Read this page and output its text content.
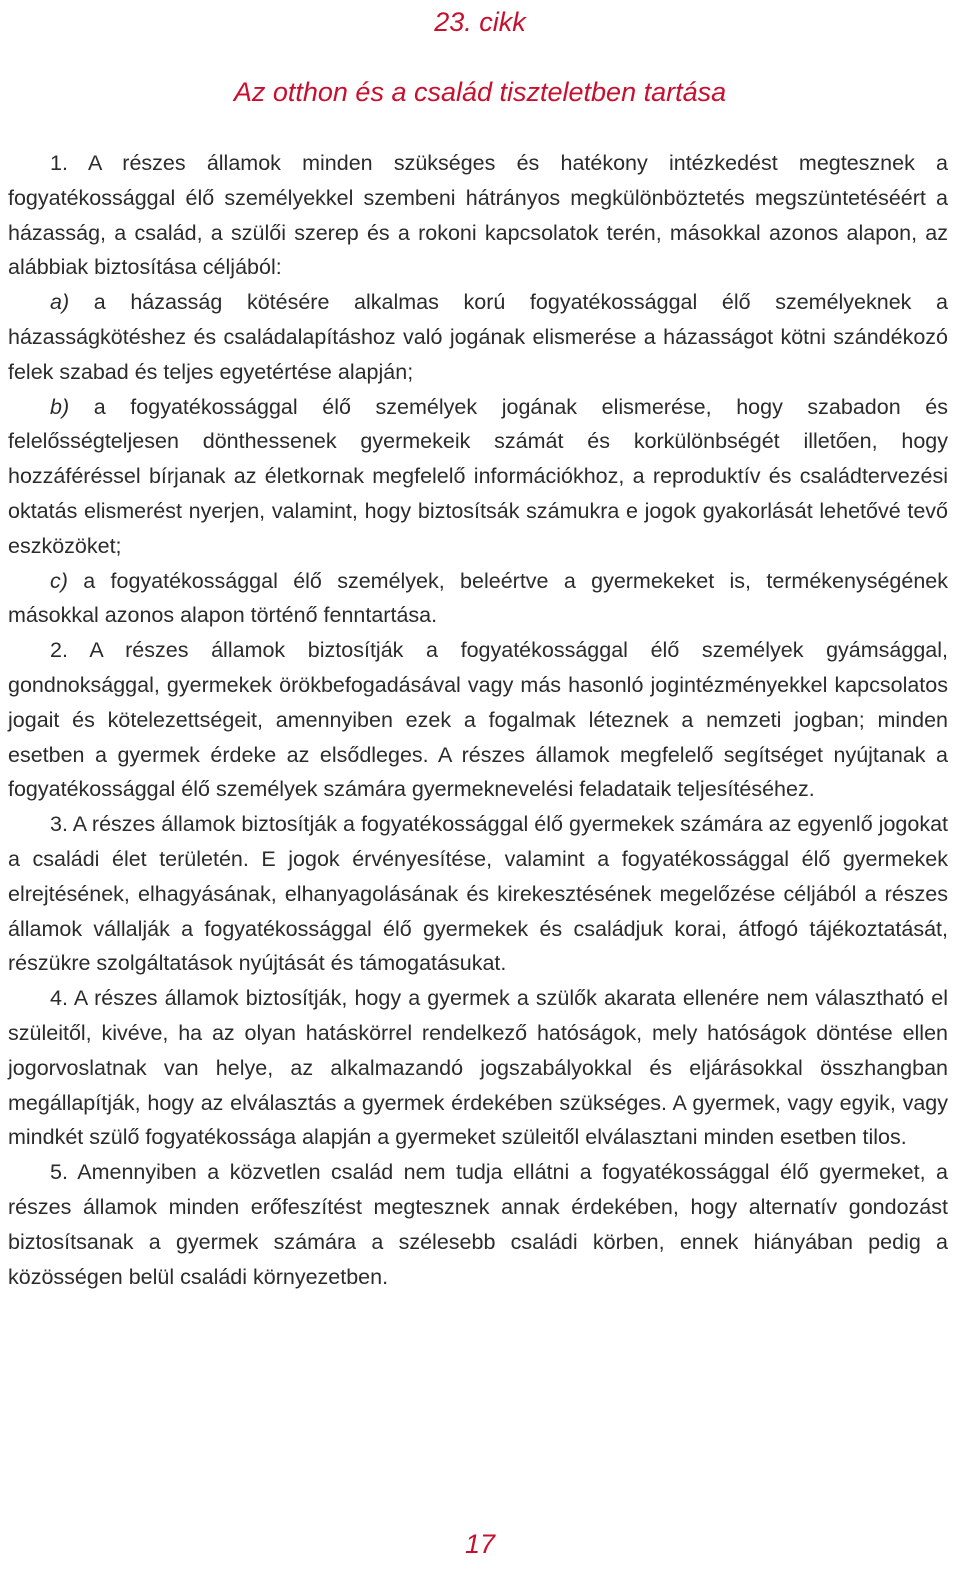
23. cikk
Az otthon és a család tiszteletben tartása

1. A részes államok minden szükséges és hatékony intézkedést megtesznek a fogyatékossággal élő személyekkel szembeni hátrányos megkülönböztetés megszüntetéséért a házasság, a család, a szülői szerep és a rokoni kapcsolatok terén, másokkal azonos alapon, az alábbiak biztosítása céljából:

a) a házasság kötésére alkalmas korú fogyatékossággal élő személyeknek a házasságkötéshez és családalapításhoz való jogának elismerése a házasságot kötni szándékozó felek szabad és teljes egyetértése alapján;

b) a fogyatékossággal élő személyek jogának elismerése, hogy szabadon és felelősségteljesen dönthessenek gyermekeik számát és korkülönbségét illetően, hogy hozzáféréssel bírjanak az életkornak megfelelő információkhoz, a reproduktív és családtervezési oktatás elismerést nyerjen, valamint, hogy biztosítsák számukra e jogok gyakorlását lehetővé tevő eszközöket;

c) a fogyatékossággal élő személyek, beleértve a gyermekeket is, termékenységének másokkal azonos alapon történő fenntartása.

2. A részes államok biztosítják a fogyatékossággal élő személyek gyámsággal, gondnoksággal, gyermekek örökbefogadásával vagy más hasonló jogintézményekkel kapcsolatos jogait és kötelezettségeit, amennyiben ezek a fogalmak léteznek a nemzeti jogban; minden esetben a gyermek érdeke az elsődleges. A részes államok megfelelő segítséget nyújtanak a fogyatékossággal élő személyek számára gyermeknevelési feladataik teljesítéséhez.

3. A részes államok biztosítják a fogyatékossággal élő gyermekek számára az egyenlő jogokat a családi élet területén. E jogok érvényesítése, valamint a fogyatékossággal élő gyermekek elrejtésének, elhagyásának, elhanyagolásának és kirekesztésének megelőzése céljából a részes államok vállalják a fogyatékossággal élő gyermekek és családjuk korai, átfogó tájékoztatását, részükre szolgáltatások nyújtását és támogatásukat.

4. A részes államok biztosítják, hogy a gyermek a szülők akarata ellenére nem választható el szüleitől, kivéve, ha az olyan hatáskörrel rendelkező hatóságok, mely hatóságok döntése ellen jogorvoslatnak van helye, az alkalmazandó jogszabályokkal és eljárásokkal összhangban megállapítják, hogy az elválasztás a gyermek érdekében szükséges. A gyermek, vagy egyik, vagy mindkét szülő fogyatékossága alapján a gyermeket szüleitől elválasztani minden esetben tilos.

5. Amennyiben a közvetlen család nem tudja ellátni a fogyatékossággal élő gyermeket, a részes államok minden erőfeszítést megtesznek annak érdekében, hogy alternatív gondozást biztosítsanak a gyermek számára a szélesebb családi körben, ennek hiányában pedig a közösségen belül családi környezetben.

17
